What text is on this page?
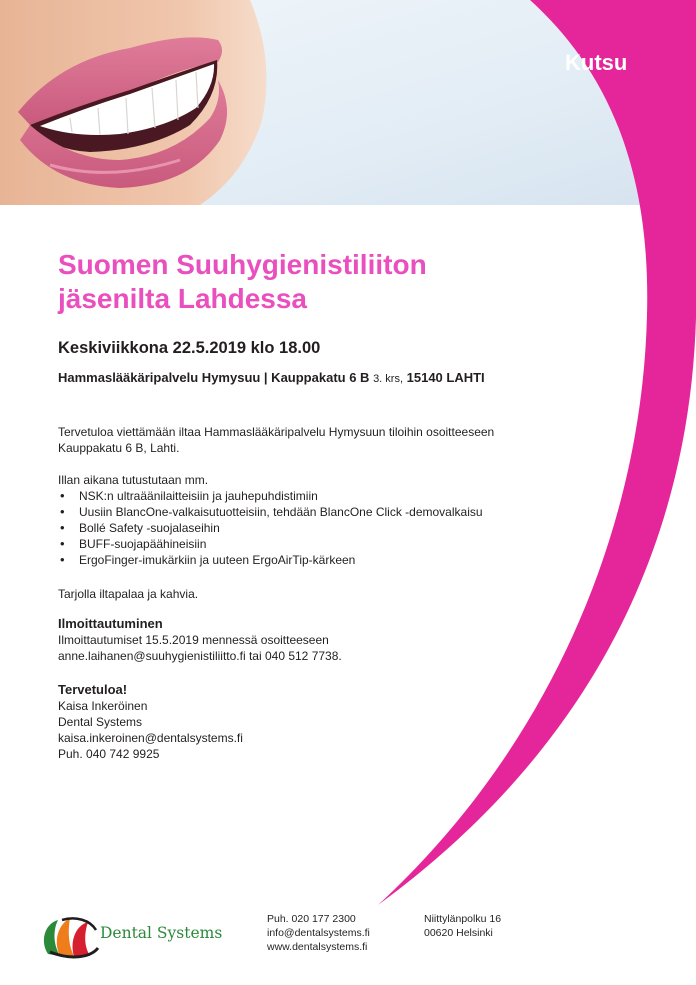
Kutsu
Suomen Suuhygienistiliiton
jäsenilta Lahdessa
Keskiviikkona 22.5.2019 klo 18.00
Hammaslääkäripalvelu Hymysuu | Kauppakatu 6 B 3. krs, 15140 LAHTI
Tervetuloa viettämään iltaa Hammaslääkäripalvelu Hymysuun tiloihin osoitteeseen
Kauppakatu 6 B, Lahti.
Illan aikana tutustutaan mm.
• NSK:n ultraäänilaitteisiin ja jauhepuhdistimiin
• Uusiin BlancOne-valkaisutuotteisiin, tehdään BlancOne Click -demovalkaisu
• Bollé Safety -suojalaseihin
• BUFF-suojapäähineisiin
• ErgoFinger-imukärkiin ja uuteen ErgoAirTip-kärkeen
Tarjolla iltapalaa ja kahvia.
Ilmoittautuminen
Ilmoittautumiset 15.5.2019 mennessä osoitteeseen
anne.laihanen@suuhygienistiliitto.fi tai 040 512 7738.
Tervetuloa!
Kaisa Inkeröinen
Dental Systems
kaisa.inkeroinen@dentalsystems.fi
Puh. 040 742 9925
Dental Systems
Puh. 020 177 2300
info@dentalsystems.fi
www.dentalsystems.fi
Niittylänpolku 16
00620 Helsinki
